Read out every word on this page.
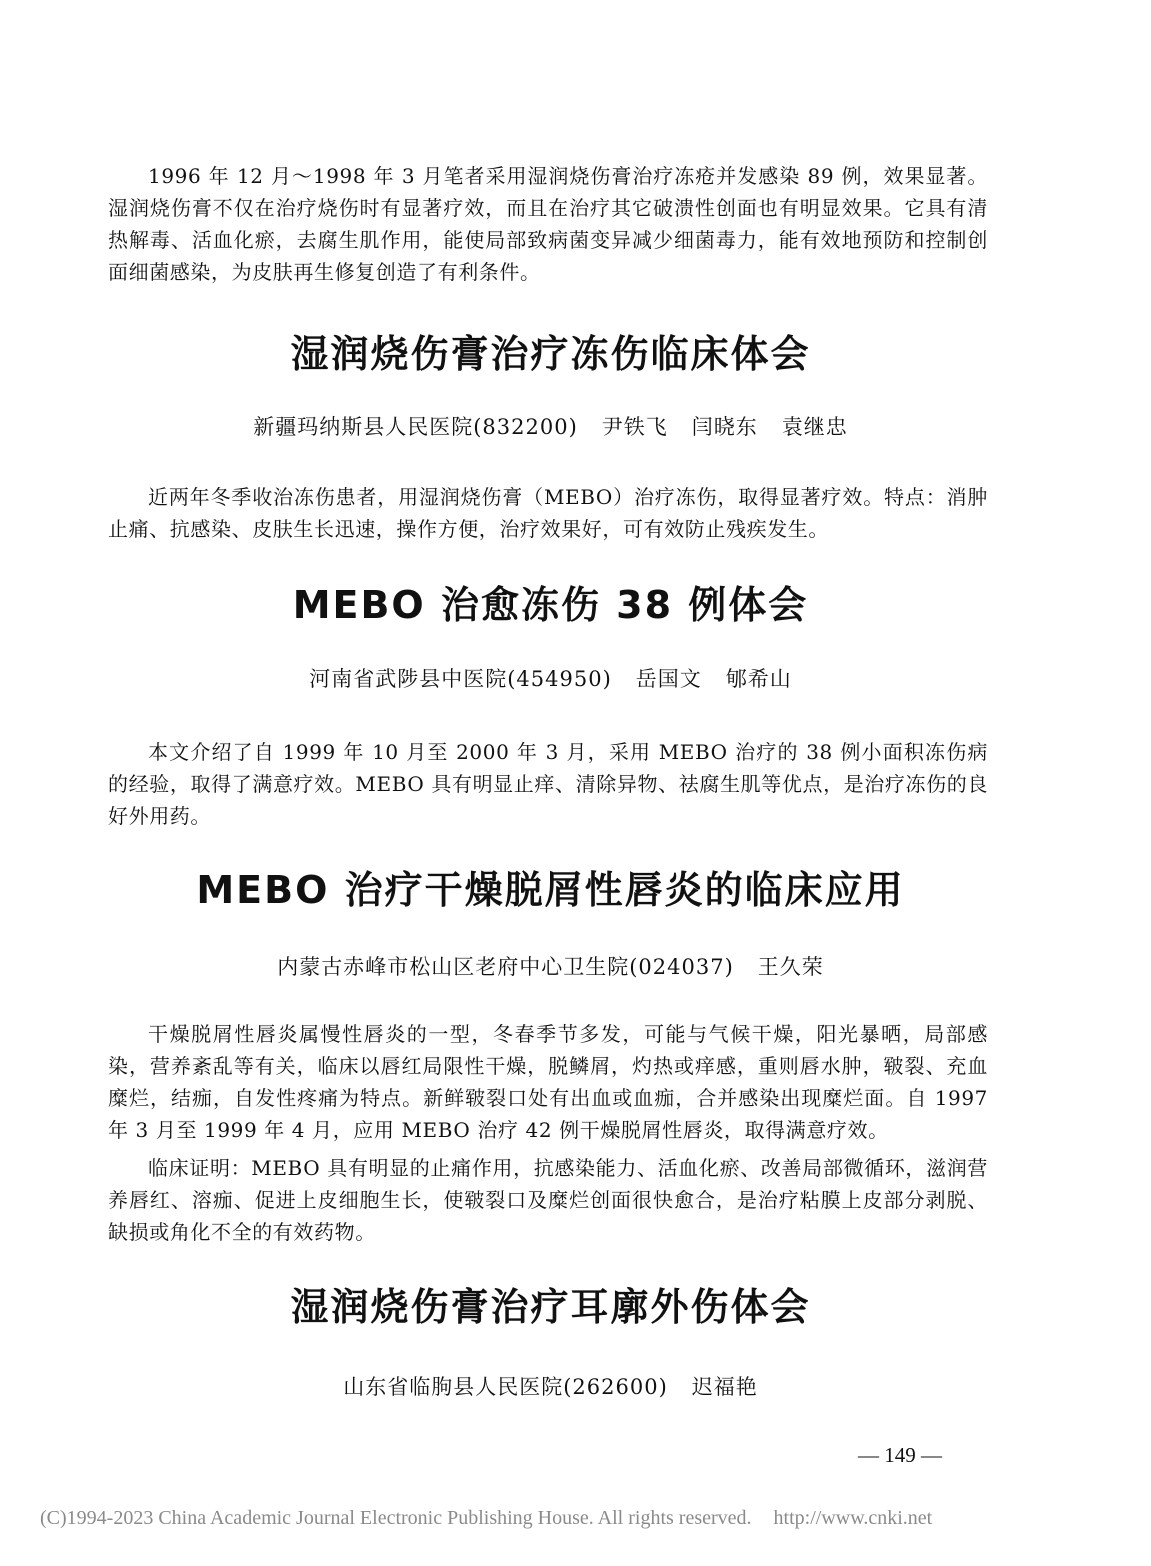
1996 年 12 月～1998 年 3 月笔者采用湿润烧伤膏治疗冻疮并发感染 89 例，效果显著。湿润烧伤膏不仅在治疗烧伤时有显著疗效，而且在治疗其它破溃性创面也有明显效果。它具有清热解毒、活血化瘀，去腐生肌作用，能使局部致病菌变异减少细菌毒力，能有效地预防和控制创面细菌感染，为皮肤再生修复创造了有利条件。

湿润烧伤膏治疗冻伤临床体会
新疆玛纳斯县人民医院(832200) 尹铁飞 闫晓东 袁继忠

近两年冬季收治冻伤患者，用湿润烧伤膏（MEBO）治疗冻伤，取得显著疗效。特点：消肿止痛、抗感染、皮肤生长迅速，操作方便，治疗效果好，可有效防止残疾发生。

MEBO 治愈冻伤 38 例体会
河南省武陟县中医院(454950) 岳国文 郇希山

本文介绍了自 1999 年 10 月至 2000 年 3 月，采用 MEBO 治疗的 38 例小面积冻伤病的经验，取得了满意疗效。MEBO 具有明显止痒、清除异物、祛腐生肌等优点，是治疗冻伤的良好外用药。

MEBO 治疗干燥脱屑性唇炎的临床应用
内蒙古赤峰市松山区老府中心卫生院(024037) 王久荣

干燥脱屑性唇炎属慢性唇炎的一型，冬春季节多发，可能与气候干燥，阳光暴晒，局部感染，营养紊乱等有关，临床以唇红局限性干燥，脱鳞屑，灼热或痒感，重则唇水肿，皲裂、充血糜烂，结痂，自发性疼痛为特点。新鲜皲裂口处有出血或血痂，合并感染出现糜烂面。自 1997 年 3 月至 1999 年 4 月，应用 MEBO 治疗 42 例干燥脱屑性唇炎，取得满意疗效。

临床证明：MEBO 具有明显的止痛作用，抗感染能力、活血化瘀、改善局部微循环，滋润营养唇红、溶痂、促进上皮细胞生长，使皲裂口及糜烂创面很快愈合，是治疗粘膜上皮部分剥脱、缺损或角化不全的有效药物。

湿润烧伤膏治疗耳廓外伤体会
山东省临朐县人民医院(262600) 迟福艳
— 149 —
(C)1994-2023 China Academic Journal Electronic Publishing House. All rights reserved. http://www.cnki.net
